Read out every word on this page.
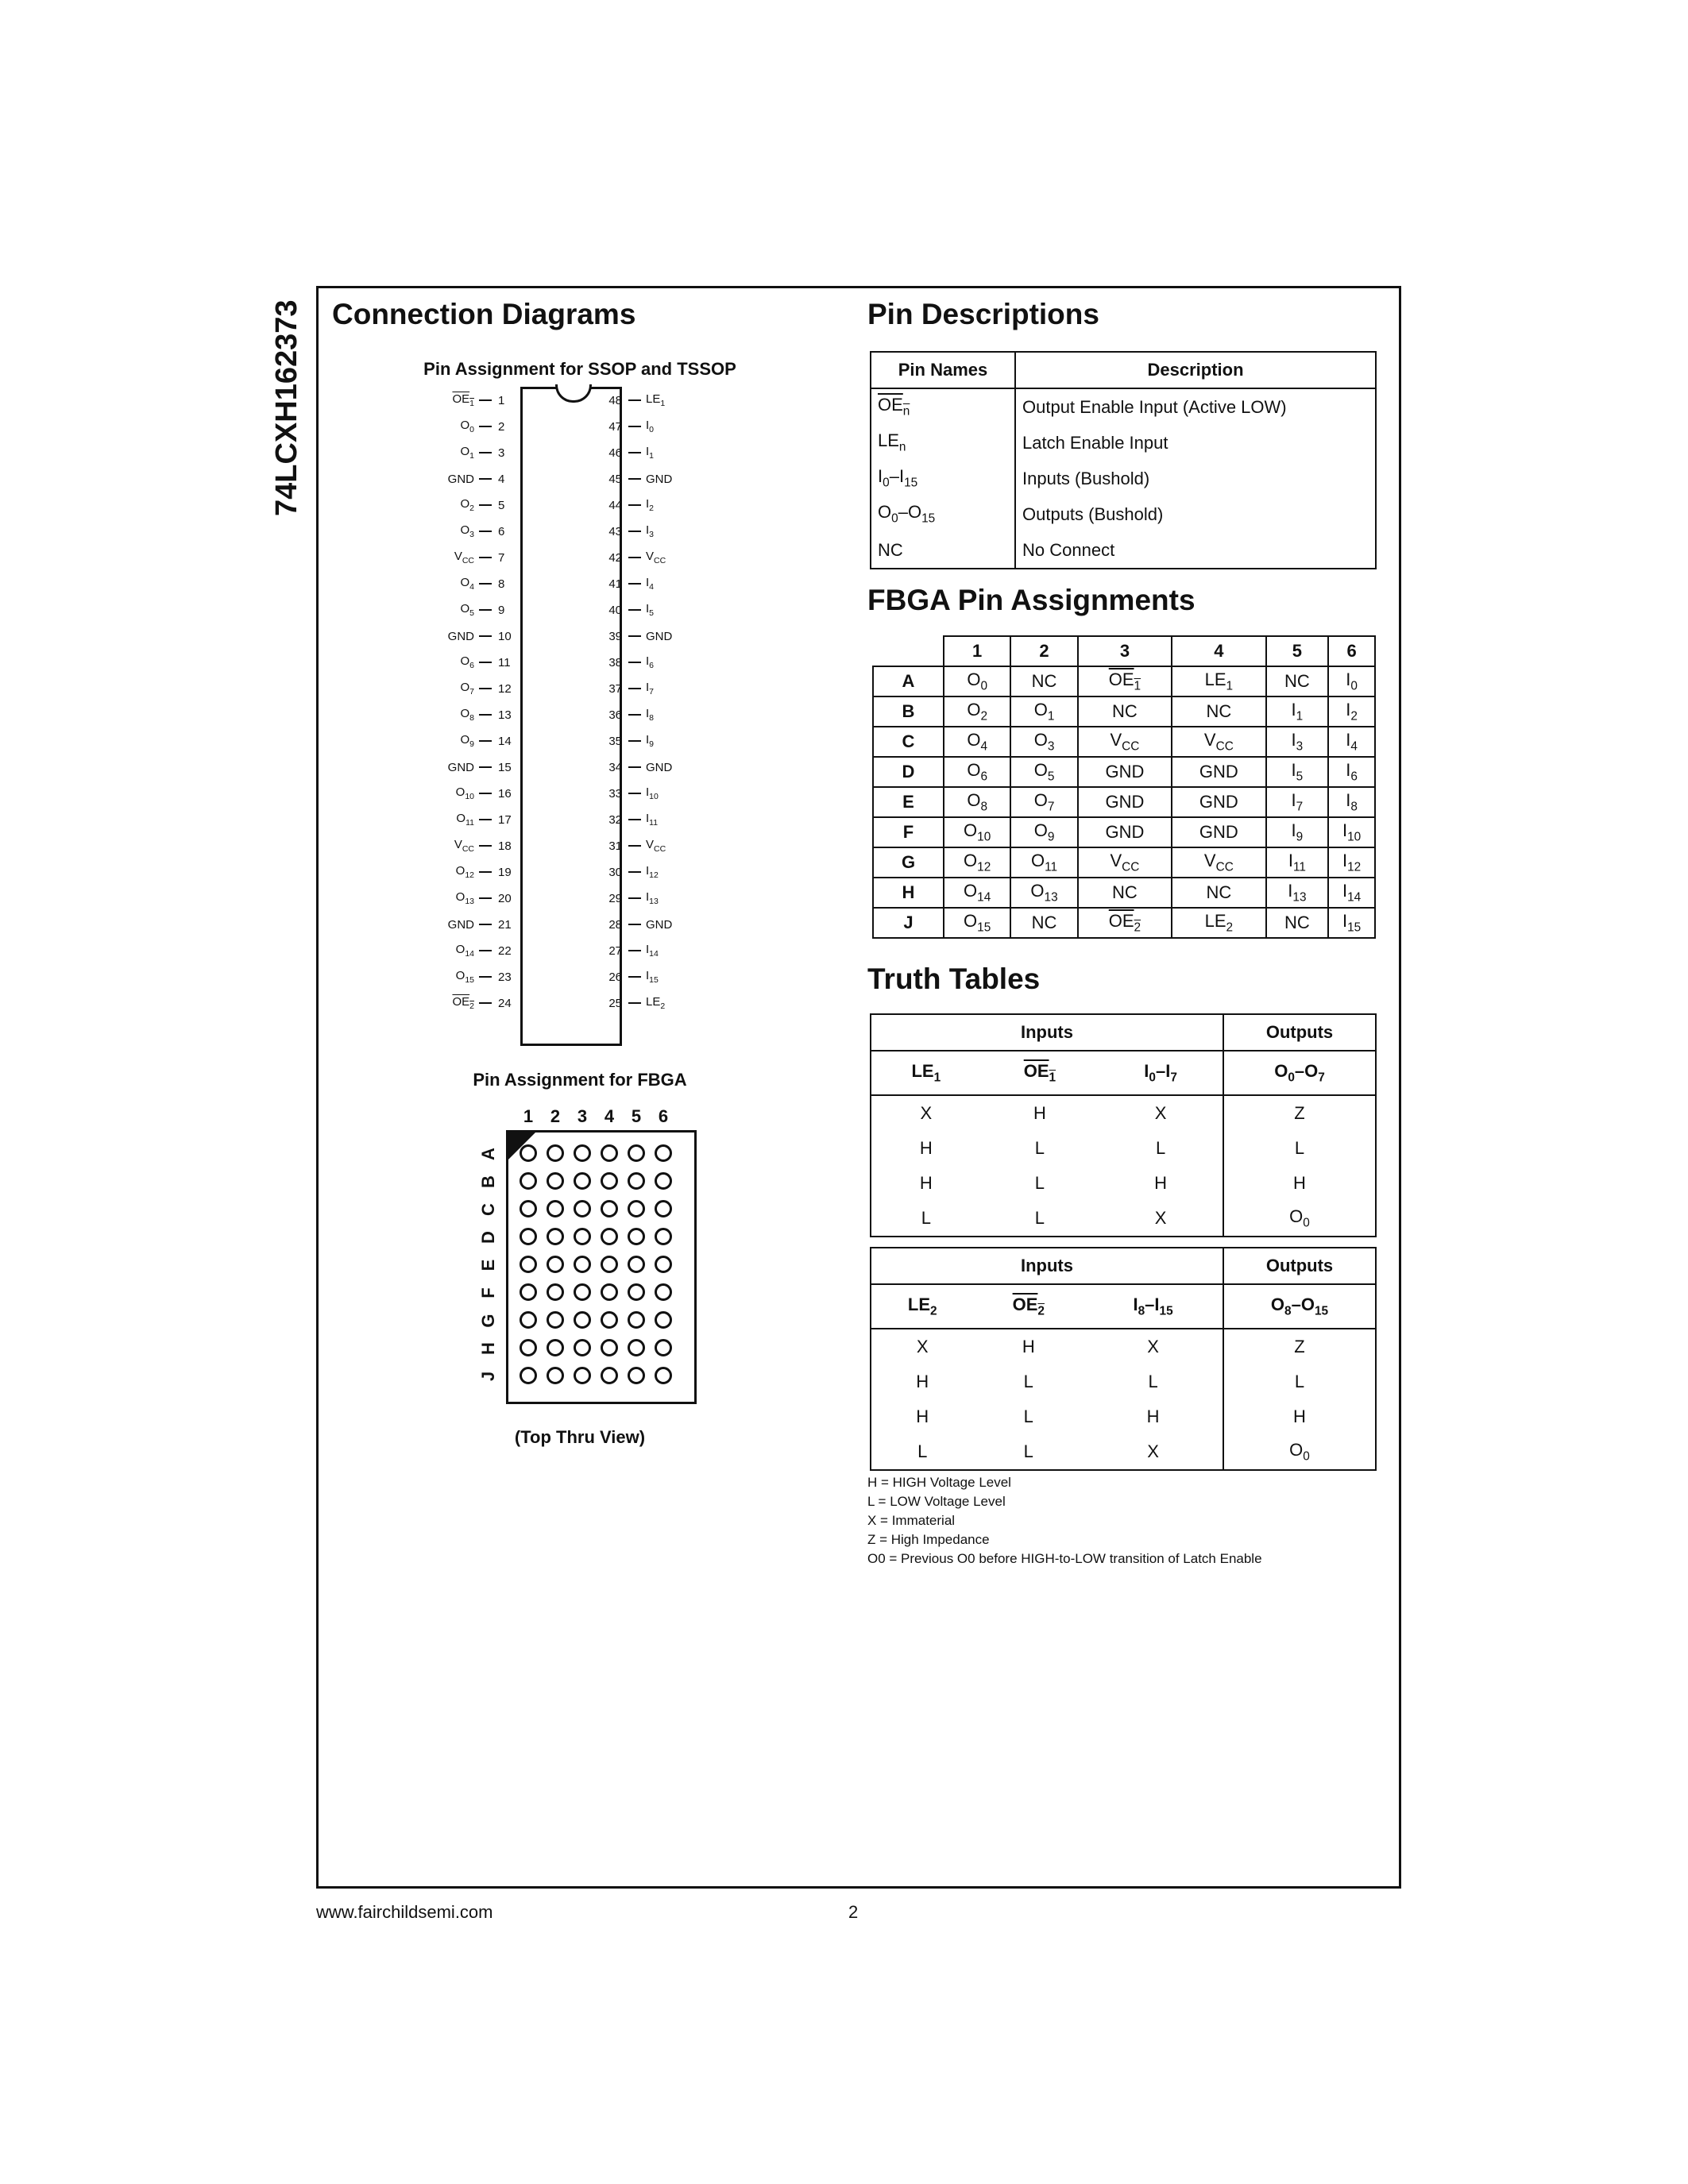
74LCXH162373 Connection Diagrams
Pin Assignment for SSOP and TSSOP
$\overline{OE}_1$	1
$O_0$	2
$O_1$	3
GND	4
$O_2$	5
$O_3$	6
$V_{CC}$	7
$O_4$	8
$O_5$	9
GND	10
$O_6$	11
$O_7$	12
$O_8$	13
$O_9$	14
GND	15
$O_{10}$	16
$O_{11}$	17
$V_{CC}$	18
$O_{12}$	19
$O_{13}$	20
GND	21
$O_{14}$	22
$O_{15}$	23
$\overline{OE}_2$	24
48	$LE_1$
47	$I_0$
46	$I_1$
45	GND
44	$I_2$
43	$I_3$
42	$V_{CC}$
41	$I_4$
40	$I_5$
39	GND
38	$I_6$
37	$I_7$
36	$I_8$
35	$I_9$
34	GND
33	$I_{10}$
32	$I_{11}$
31	$V_{CC}$
30	$I_{12}$
29	$I_{13}$
28	GND
27	$I_{14}$
26	$I_{15}$
25	$LE_2$
Pin Assignment for FBGA
1 2 3 4 5 6
A
B
C
D
E
F
G
H
J
(Top Thru View)
Pin Descriptions
Pin Names	Description
$\overline{OE}_{\overline{n}}$	Output Enable Input (Active LOW)
$LE_n$	Latch Enable Input
$I_0-I_{15}$	Inputs (Bushold)
$O_0-O_{15}$	Outputs (Bushold)
NC	No Connect
FBGA Pin Assignments
	1	2	3	4	5	6
A	$O_0$	NC	$\overline{OE}_1$	$LE_1$	NC	$I_0$
B	$O_2$	$O_1$	NC	NC	$I_1$	$I_2$
C	$O_4$	$O_3$	$V_{CC}$	$V_{CC}$	$I_3$	$I_4$
D	$O_6$	$O_5$	GND	GND	$I_5$	$I_6$
E	$O_8$	$O_7$	GND	GND	$I_7$	$I_8$
F	$O_{10}$	$O_9$	GND	GND	$I_9$	$I_{10}$
G	$O_{12}$	$O_{11}$	$V_{CC}$	$V_{CC}$	$I_{11}$	$I_{12}$
H	$O_{14}$	$O_{13}$	NC	NC	$I_{13}$	$I_{14}$
J	$O_{15}$	NC	$\overline{OE}_2$	$LE_2$	NC	$I_{15}$
Truth Tables
Inputs			Outputs
$LE_1$	$\overline{OE}_1$	$I_0-I_7$	$O_0-O_7$
X	H	X	Z
H	L	L	L
H	L	H	H
L	L	X	$O_0$
Inputs			Outputs
$LE_2$	$\overline{OE}_2$	$I_8-I_{15}$	$O_8-O_{15}$
X	H	X	Z
H	L	L	L
H	L	H	H
L	L	X	$O_0$
H = HIGH Voltage Level
L = LOW Voltage Level
X = Immaterial
Z = High Impedance
O0 = Previous O0 before HIGH-to-LOW transition of Latch Enable
www.fairchildsemi.com	2
